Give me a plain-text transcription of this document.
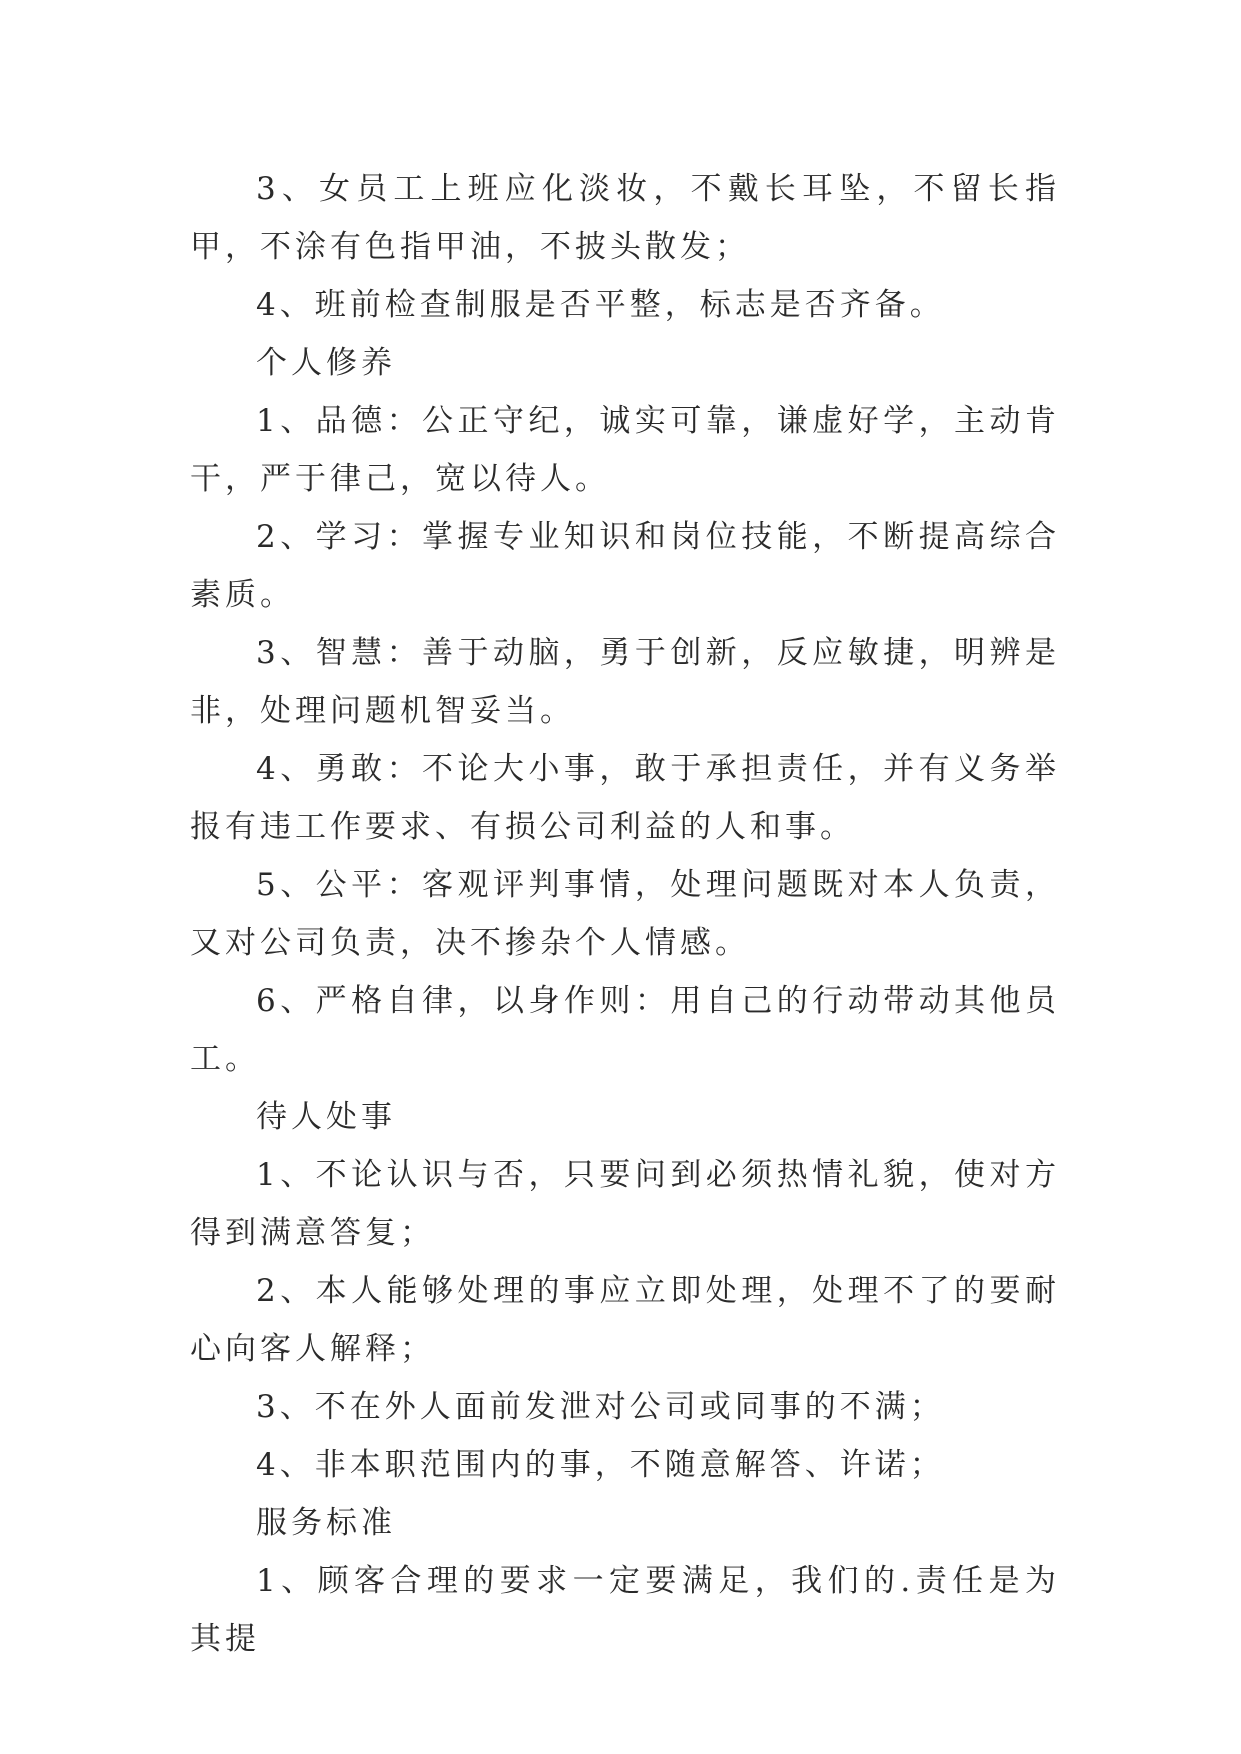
3、女员工上班应化淡妆，不戴长耳坠，不留长指甲，不涂有色指甲油，不披头散发；

4、班前检查制服是否平整，标志是否齐备。

个人修养

1、品德：公正守纪，诚实可靠，谦虚好学，主动肯干，严于律己，宽以待人。

2、学习：掌握专业知识和岗位技能，不断提高综合素质。

3、智慧：善于动脑，勇于创新，反应敏捷，明辨是非，处理问题机智妥当。

4、勇敢：不论大小事，敢于承担责任，并有义务举报有违工作要求、有损公司利益的人和事。

5、公平：客观评判事情，处理问题既对本人负责，又对公司负责，决不掺杂个人情感。

6、严格自律，以身作则：用自己的行动带动其他员工。

待人处事

1、不论认识与否，只要问到必须热情礼貌，使对方得到满意答复；

2、本人能够处理的事应立即处理，处理不了的要耐心向客人解释；

3、不在外人面前发泄对公司或同事的不满；

4、非本职范围内的事，不随意解答、许诺；

服务标准

1、顾客合理的要求一定要满足，我们的.责任是为其提
